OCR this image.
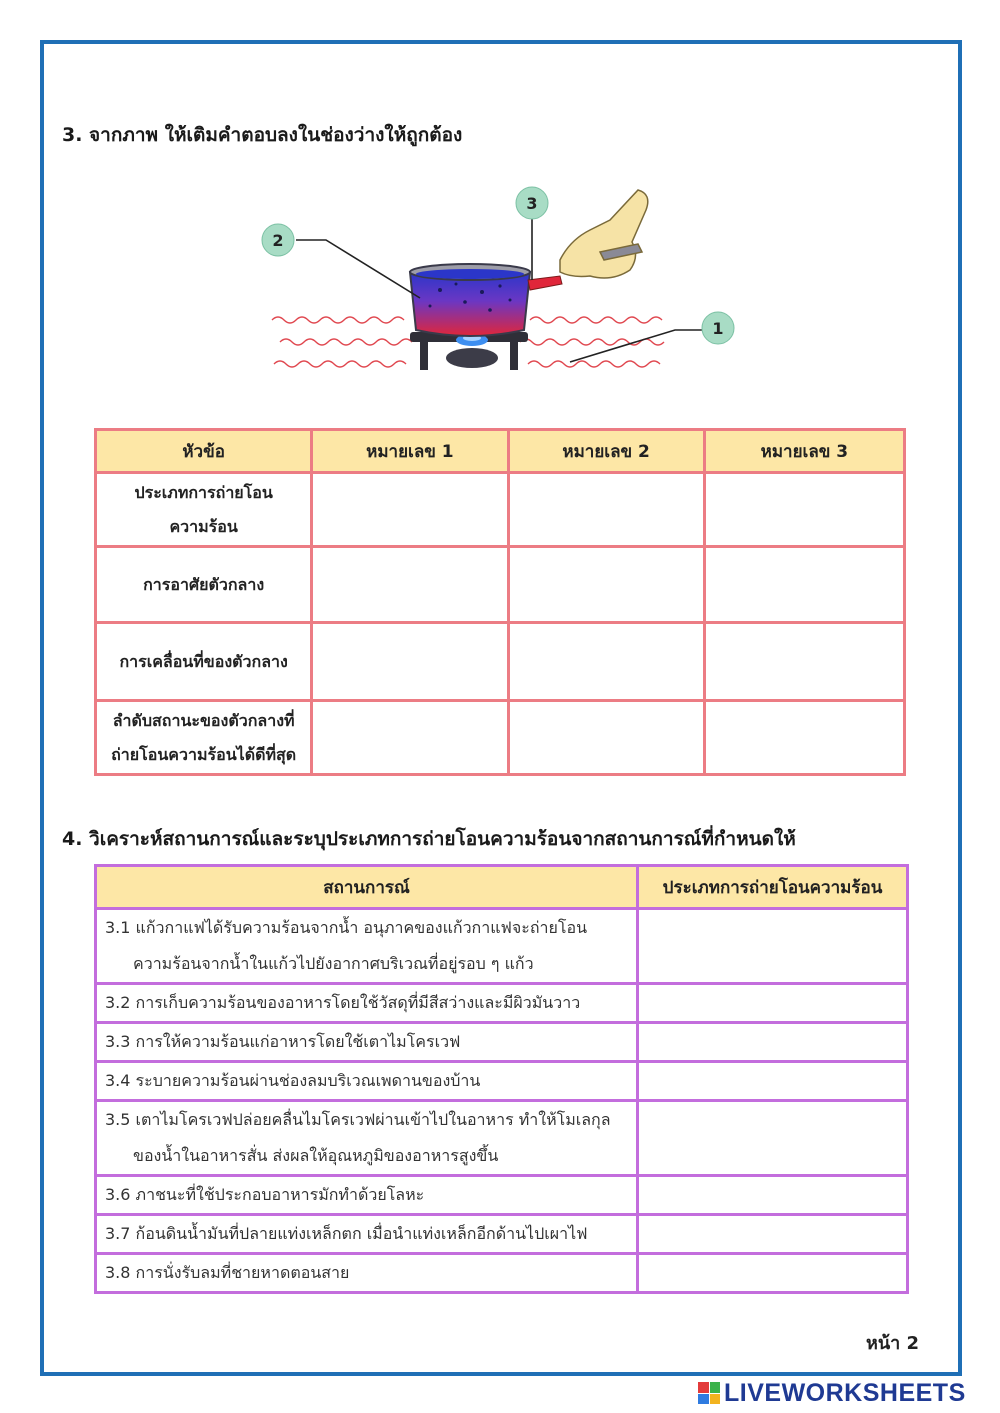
3. จากภาพ ให้เติมคำตอบลงในช่องว่างให้ถูกต้อง
2
3
1
หัวข้อ	หมายเลข 1	หมายเลข 2	หมายเลข 3

ประเภทการถ่ายโอน
ความร้อน			

การอาศัยตัวกลาง			

การเคลื่อนที่ของตัวกลาง			

ลำดับสถานะของตัวกลางที่
ถ่ายโอนความร้อนได้ดีที่สุด			

4. วิเคราะห์สถานการณ์และระบุประเภทการถ่ายโอนความร้อนจากสถานการณ์ที่กำหนดให้
สถานการณ์	ประเภทการถ่ายโอนความร้อน
3.1 แก้วกาแฟได้รับความร้อนจากน้ำ อนุภาคของแก้วกาแฟจะถ่ายโอน
ความร้อนจากน้ำในแก้วไปยังอากาศบริเวณที่อยู่รอบ ๆ แก้ว	

3.2 การเก็บความร้อนของอาหารโดยใช้วัสดุที่มีสีสว่างและมีผิวมันวาว	
3.3 การให้ความร้อนแก่อาหารโดยใช้เตาไมโครเวฟ	
3.4 ระบายความร้อนผ่านช่องลมบริเวณเพดานของบ้าน	
3.5 เตาไมโครเวฟปล่อยคลื่นไมโครเวฟผ่านเข้าไปในอาหาร ทำให้โมเลกุล
ของน้ำในอาหารสั่น ส่งผลให้อุณหภูมิของอาหารสูงขึ้น	

3.6 ภาชนะที่ใช้ประกอบอาหารมักทำด้วยโลหะ	
3.7 ก้อนดินน้ำมันที่ปลายแท่งเหล็กตก เมื่อนำแท่งเหล็กอีกด้านไปเผาไฟ	
3.8 การนั่งรับลมที่ชายหาดตอนสาย	
หน้า 2
LIVEWORKSHEETS
